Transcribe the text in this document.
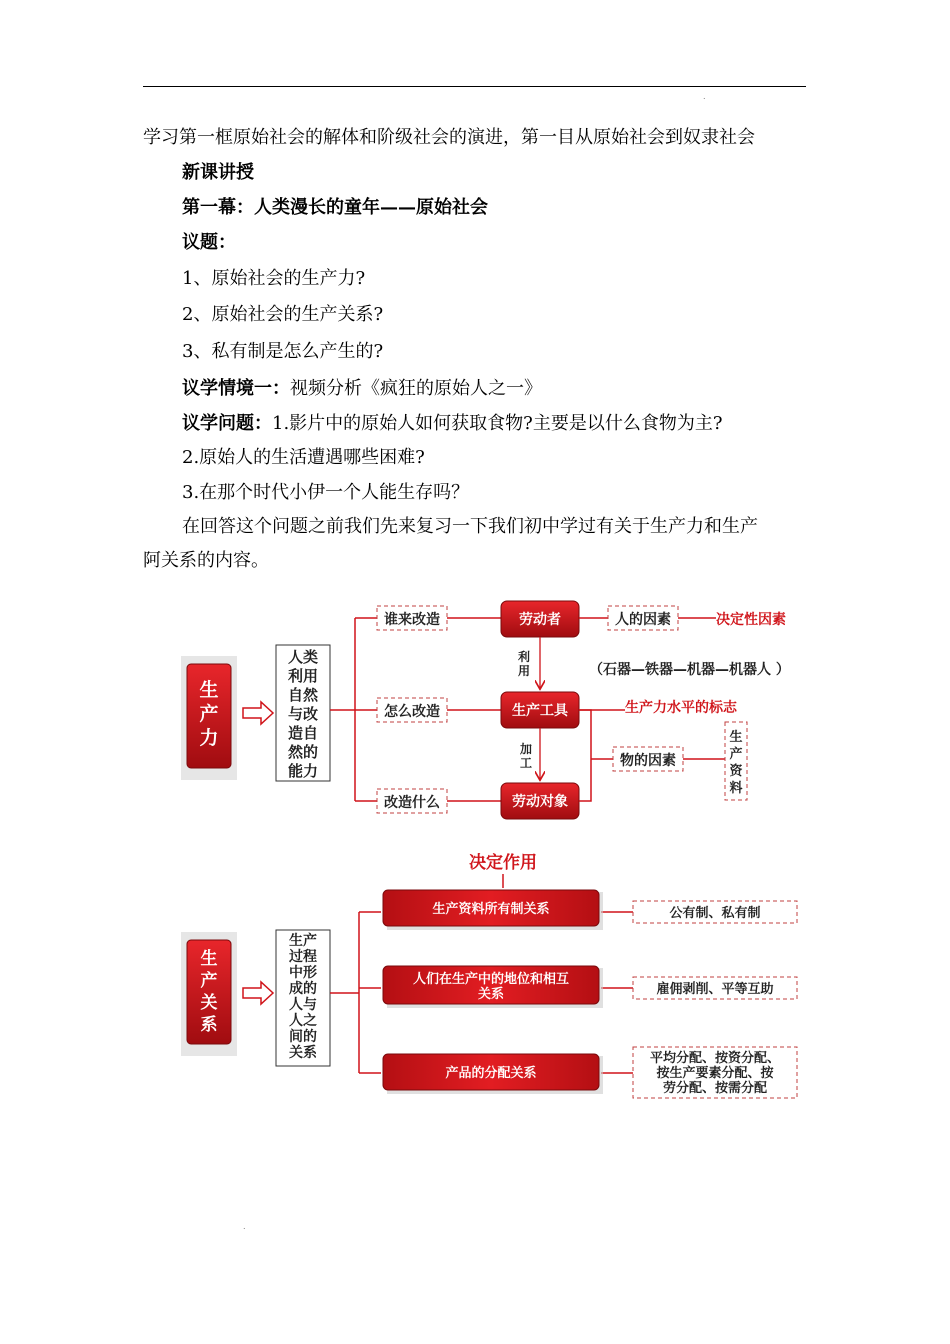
.
学习第一框原始社会的解体和阶级社会的演进，第一目从原始社会到奴隶社会
新课讲授
第一幕：人类漫长的童年——原始社会
议题：
1、原始社会的生产力?
2、原始社会的生产关系?
3、私有制是怎么产生的?
议学情境一：视频分析《疯狂的原始人之一》
议学问题：1.影片中的原始人如何获取食物?主要是以什么食物为主?
2.原始人的生活遭遇哪些困难?
3.在那个时代小伊一个人能生存吗？
在回答这个问题之前我们先来复习一下我们初中学过有关于生产力和生产
阿关系的内容。
生
产
力
人类
利用
自然
与改
造自
然的
能力
谁来改造
怎么改造
改造什么
劳动者
生产工具
劳动对象
利
用
加
工
人的因素	决定性因素
（石器—铁器—机器—机器人 ）
生产力水平的标志
物的因素
生
产
资
料
决定作用
生
产
关
系
生产
过程
中形
成的
人与
人之
间的
关系
生产资料所有制关系
人们在生产中的地位和相互
关系
产品的分配关系
公有制、私有制
雇佣剥削、平等互助
平均分配、按资分配、
按生产要素分配、按
劳分配、按需分配
.
